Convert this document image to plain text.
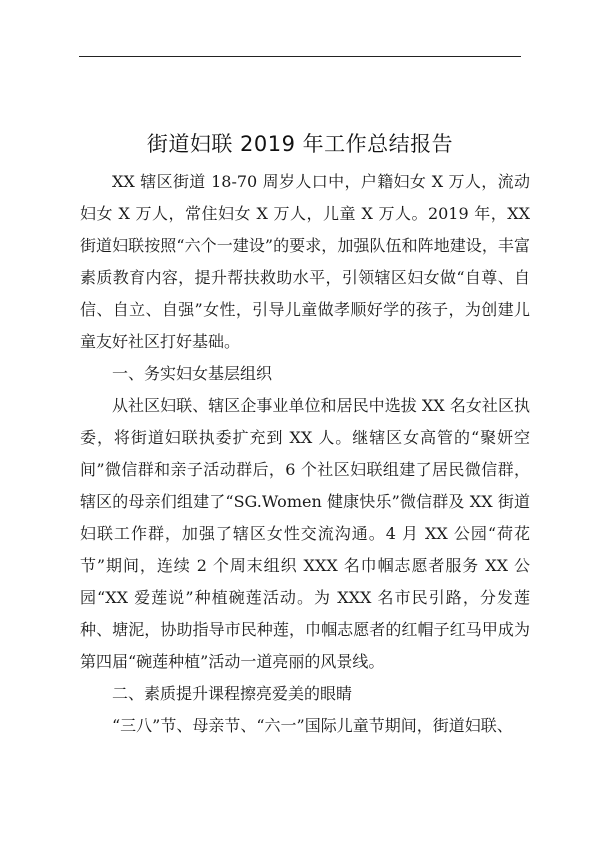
街道妇联 2019 年工作总结报告

XX 辖区街道 18-70 周岁人口中，户籍妇女 X 万人，流动妇女 X 万人，常住妇女 X 万人，儿童 X 万人。2019 年，XX 街道妇联按照“六个一建设”的要求，加强队伍和阵地建设，丰富素质教育内容，提升帮扶救助水平，引领辖区妇女做“自尊、自信、自立、自强”女性，引导儿童做孝顺好学的孩子，为创建儿童友好社区打好基础。

一、务实妇女基层组织

从社区妇联、辖区企事业单位和居民中选拔 XX 名女社区执委，将街道妇联执委扩充到 XX 人。继辖区女高管的“聚妍空间”微信群和亲子活动群后，6 个社区妇联组建了居民微信群，辖区的母亲们组建了“SG.Women 健康快乐”微信群及 XX 街道妇联工作群，加强了辖区女性交流沟通。4 月 XX 公园“荷花节”期间，连续 2 个周末组织 XXX 名巾帼志愿者服务 XX 公园“XX 爱莲说”种植碗莲活动。为 XXX 名市民引路，分发莲种、塘泥，协助指导市民种莲，巾帼志愿者的红帽子红马甲成为第四届“碗莲种植”活动一道亮丽的风景线。

二、素质提升课程擦亮爱美的眼睛

“三八”节、母亲节、“六一”国际儿童节期间，街道妇联、
